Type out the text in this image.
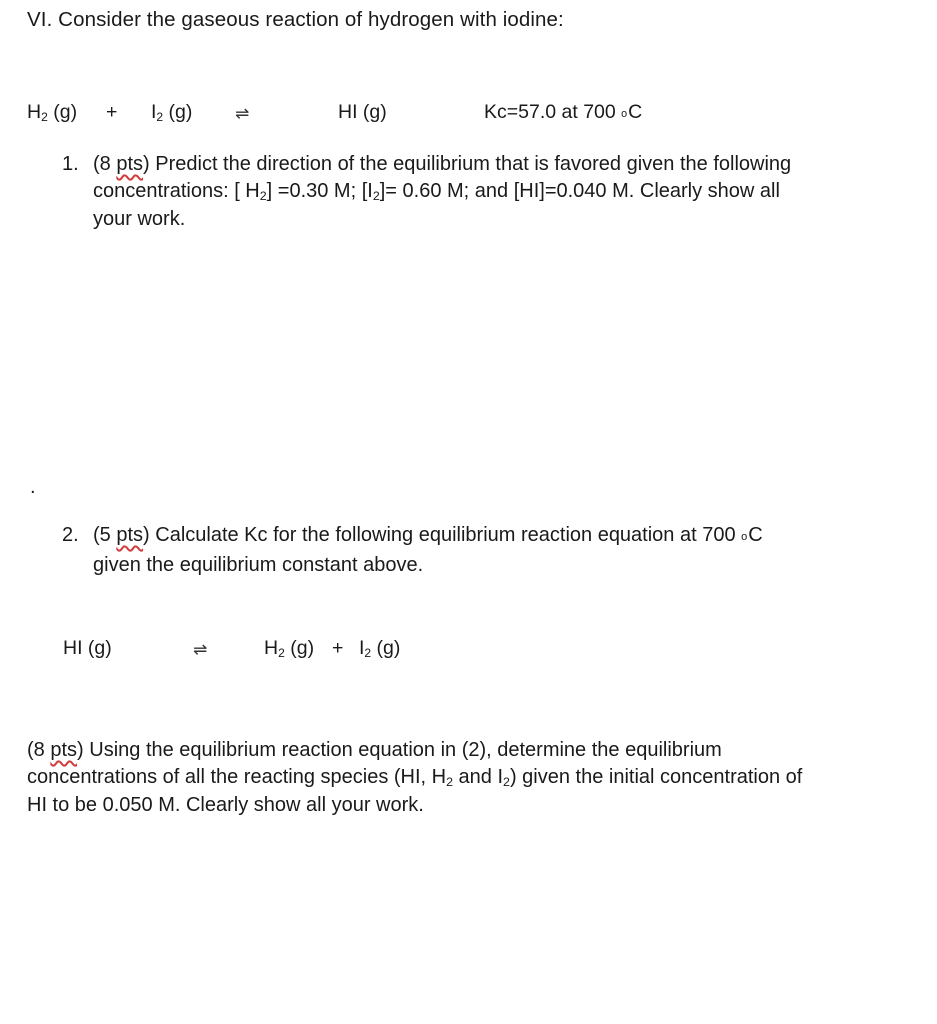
VI. Consider the gaseous reaction of hydrogen with iodine:
H2 (g) + I2 (g)	⇌	HI (g)	Kc=57.0 at 700 oC
1. (8 pts) Predict the direction of the equilibrium that is favored given the following
concentrations: [ H2] =0.30 M; [I2]= 0.60 M; and [HI]=0.040 M. Clearly show all
your work.
.
2. (5 pts) Calculate Kc for the following equilibrium reaction equation at 700 oC
given the equilibrium constant above.
HI (g)	⇌	H2 (g) + I2 (g)
(8 pts) Using the equilibrium reaction equation in (2), determine the equilibrium
concentrations of all the reacting species (HI, H2 and I2) given the initial concentration of
HI to be 0.050 M. Clearly show all your work.
